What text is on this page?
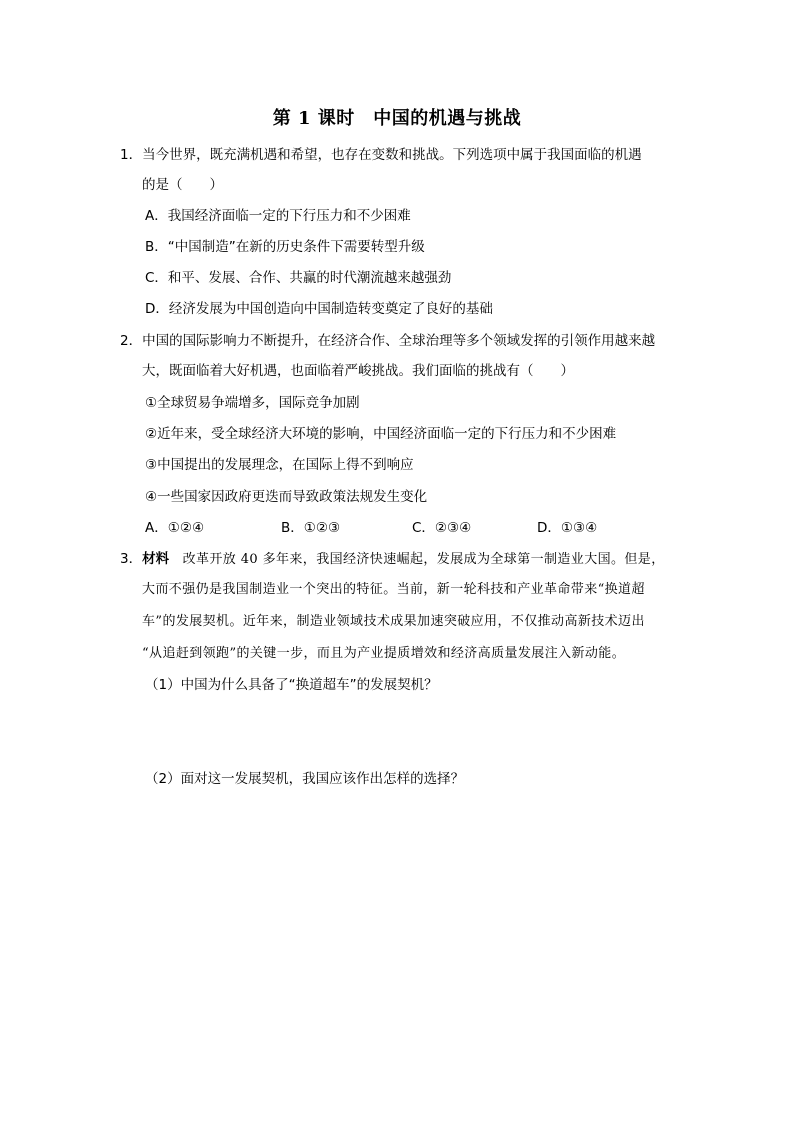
第 1 课时　中国的机遇与挑战
1．当今世界，既充满机遇和希望，也存在变数和挑战。下列选项中属于我国面临的机遇
的是（　　）
A．我国经济面临一定的下行压力和不少困难
B．“中国制造”在新的历史条件下需要转型升级
C．和平、发展、合作、共赢的时代潮流越来越强劲
D．经济发展为中国创造向中国制造转变奠定了良好的基础
2．中国的国际影响力不断提升，在经济合作、全球治理等多个领域发挥的引领作用越来越
大，既面临着大好机遇，也面临着严峻挑战。我们面临的挑战有（　　）
①全球贸易争端增多，国际竞争加剧
②近年来，受全球经济大环境的影响，中国经济面临一定的下行压力和不少困难
③中国提出的发展理念，在国际上得不到响应
④一些国家因政府更迭而导致政策法规发生变化
A．①②④	B．①②③	C．②③④	D．①③④
3．材料　 改革开放 40 多年来，我国经济快速崛起，发展成为全球第一制造业大国。但是，
大而不强仍是我国制造业一个突出的特征。当前，新一轮科技和产业革命带来“换道超
车”的发展契机。近年来，制造业领域技术成果加速突破应用，不仅推动高新技术迈出
“从追赶到领跑”的关键一步，而且为产业提质增效和经济高质量发展注入新动能。
（1）中国为什么具备了“换道超车”的发展契机？
（2）面对这一发展契机，我国应该作出怎样的选择？
